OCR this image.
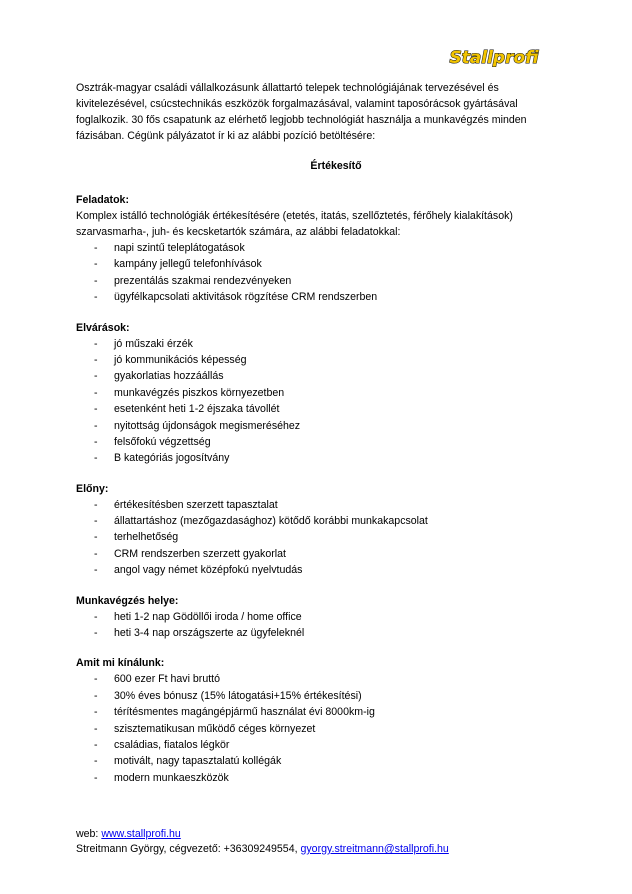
Stallprofi

Osztrák-magyar családi vállalkozásunk állattartó telepek technológiájának tervezésével és kivitelezésével, csúcstechnikás eszközök forgalmazásával, valamint taposórácsok gyártásával foglalkozik. 30 fős csapatunk az elérhető legjobb technológiát használja a munkavégzés minden fázisában. Cégünk pályázatot ír ki az alábbi pozíció betöltésére:

Értékesítő
Feladatok:
Komplex istálló technológiák értékesítésére (etetés, itatás, szellőztetés, férőhely kialakítások) szarvasmarha-, juh- és kecsketartók számára, az alábbi feladatokkal:
- napi szintű teleplátogatások
- kampány jellegű telefonhívások
- prezentálás szakmai rendezvényeken
- ügyfélkapcsolati aktivitások rögzítése CRM rendszerben
Elvárások:
- jó műszaki érzék
- jó kommunikációs képesség
- gyakorlatias hozzáállás
- munkavégzés piszkos környezetben
- esetenként heti 1-2 éjszaka távollét
- nyitottság újdonságok megismeréséhez
- felsőfokú végzettség
- B kategóriás jogosítvány
Előny:
- értékesítésben szerzett tapasztalat
- állattartáshoz (mezőgazdasághoz) kötődő korábbi munkakapcsolat
- terhelhetőség
- CRM rendszerben szerzett gyakorlat
- angol vagy német középfokú nyelvtudás
Munkavégzés helye:
- heti 1-2 nap Gödöllői iroda / home office
- heti 3-4 nap országszerte az ügyfeleknél
Amit mi kínálunk:
- 600 ezer Ft havi bruttó
- 30% éves bónusz (15% látogatási+15% értékesítési)
- térítésmentes magángépjármű használat évi 8000km-ig
- szisztematikusan működő céges környezet
- családias, fiatalos légkör
- motivált, nagy tapasztalatú kollégák
- modern munkaeszközök
web: www.stallprofi.hu
Streitmann György, cégvezető: +36309249554, gyorgy.streitmann@stallprofi.hu
